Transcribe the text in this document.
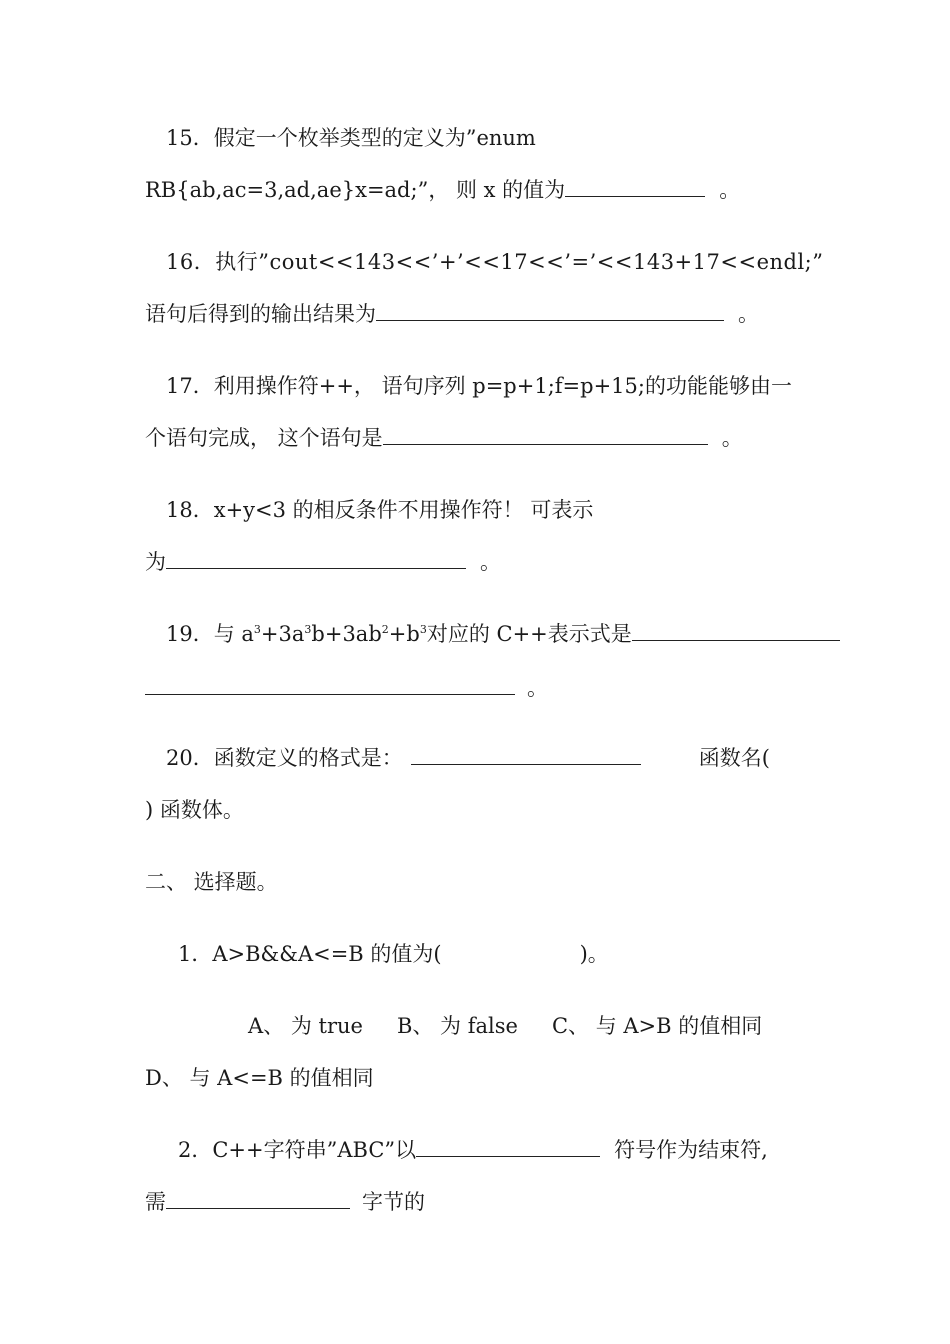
15．假定一个枚举类型的定义为”enum
RB{ab,ac=3,ad,ae}x=ad;”， 则 x 的值为	。
16．执行”cout<<143<<’+’<<17<<’=’<<143+17<<endl;”
语句后得到的输出结果为	。
17．利用操作符++， 语句序列 p=p+1;f=p+15;的功能能够由一
个语句完成， 这个语句是	。
18．x+y<3 的相反条件不用操作符！ 可表示
为	。
19．与 $a^3+3a^3b+3ab^2+b^3$对应的 C++表示式是
。
20．函数定义的格式是：	函数名(
) 函数体。
二、 选择题。
1．A>B&&A<=B 的值为(	)。
A、 为 true B、 为 false C、 与 A>B 的值相同
D、 与 A<=B 的值相同
2．C++字符串”ABC”以	符号作为结束符,
需	字节的
